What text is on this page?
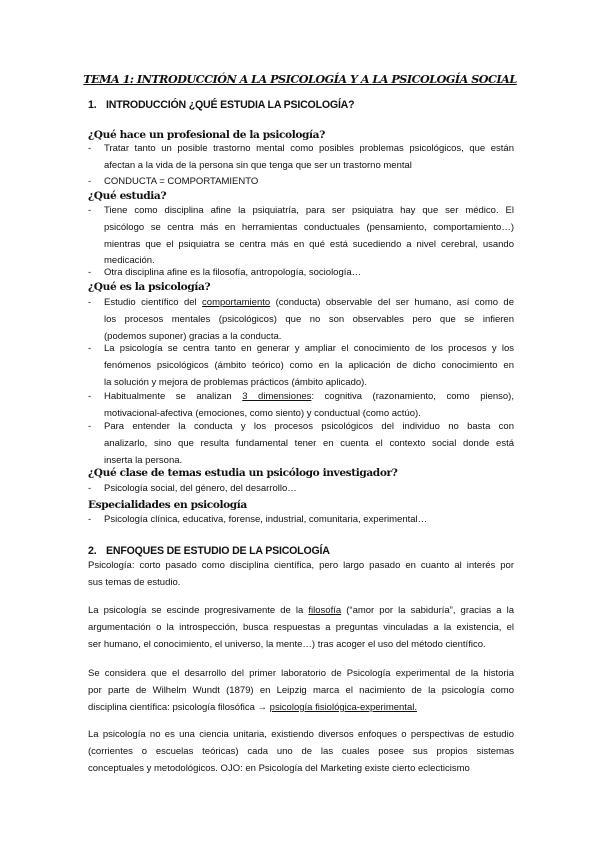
TEMA 1: INTRODUCCIÓN A LA PSICOLOGÍA Y A LA PSICOLOGÍA SOCIAL
1. INTRODUCCIÓN ¿QUÉ ESTUDIA LA PSICOLOGÍA?
¿Qué hace un profesional de la psicología?
- Tratar tanto un posible trastorno mental como posibles problemas psicológicos, que están
afectan a la vida de la persona sin que tenga que ser un trastorno mental
- CONDUCTA = COMPORTAMIENTO
¿Qué estudia?
- Tiene como disciplina afine la psiquiatría, para ser psiquiatra hay que ser médico. El
psicólogo se centra más en herramientas conductuales (pensamiento, comportamiento…)
mientras que el psiquiatra se centra más en qué está sucediendo a nivel cerebral, usando
medicación.
- Otra disciplina afine es la filosofía, antropología, sociología…
¿Qué es la psicología?
- Estudio científico del comportamiento (conducta) observable del ser humano, así como de
los procesos mentales (psicológicos) que no son observables pero que se infieren
(podemos suponer) gracias a la conducta.
- La psicología se centra tanto en generar y ampliar el conocimiento de los procesos y los
fenómenos psicológicos (ámbito teórico) como en la aplicación de dicho conocimiento en
la solución y mejora de problemas prácticos (ámbito aplicado).
- Habitualmente se analizan 3 dimensiones: cognitiva (razonamiento, como pienso),
motivacional-afectiva (emociones, como siento) y conductual (como actúo).
- Para entender la conducta y los procesos psicológicos del individuo no basta con
analizarlo, sino que resulta fundamental tener en cuenta el contexto social donde está
inserta la persona.
¿Qué clase de temas estudia un psicólogo investigador?
- Psicología social, del género, del desarrollo…
Especialidades en psicología
- Psicología clínica, educativa, forense, industrial, comunitaria, experimental…
2. ENFOQUES DE ESTUDIO DE LA PSICOLOGÍA
Psicología: corto pasado como disciplina científica, pero largo pasado en cuanto al interés por
sus temas de estudio.
La psicología se escinde progresivamente de la filosofía (“amor por la sabiduría”, gracias a la
argumentación o la introspección, busca respuestas a preguntas vinculadas a la existencia, el
ser humano, el conocimiento, el universo, la mente…) tras acoger el uso del método científico.
Se considera que el desarrollo del primer laboratorio de Psicología experimental de la historia
por parte de Wilhelm Wundt (1879) en Leipzig marca el nacimiento de la psicología como
disciplina científica: psicología filosófica → psicología fisiológica-experimental.
La psicología no es una ciencia unitaria, existiendo diversos enfoques o perspectivas de estudio
(corrientes o escuelas teóricas) cada uno de las cuales posee sus propios sistemas
conceptuales y metodológicos. OJO: en Psicología del Marketing existe cierto eclecticismo
